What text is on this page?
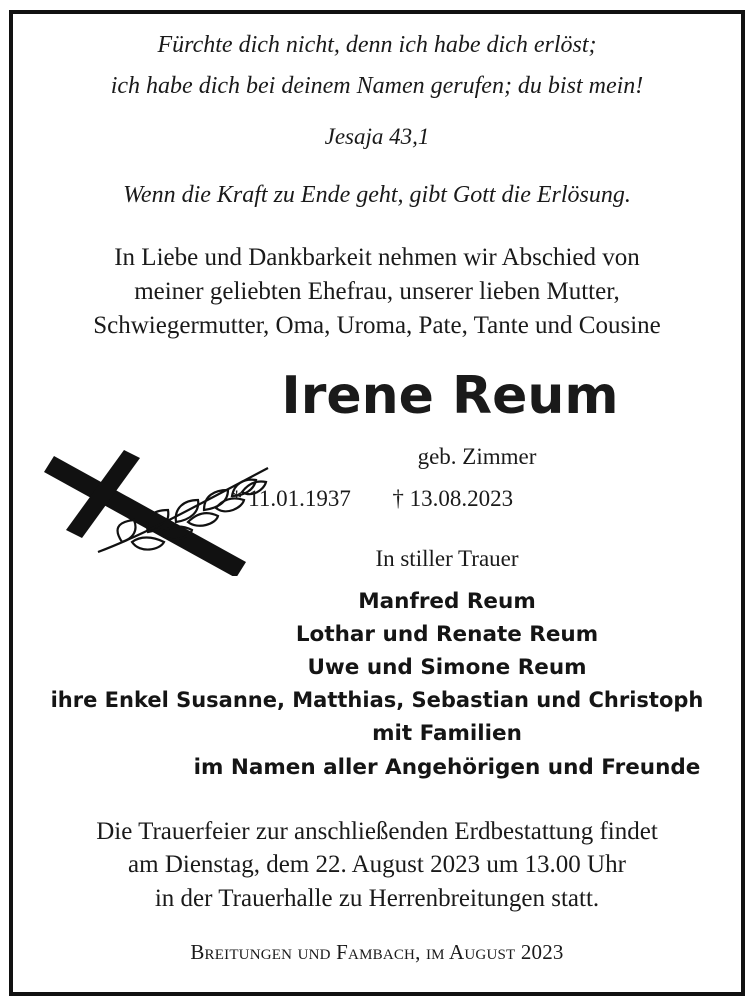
Fürchte dich nicht, denn ich habe dich erlöst;
ich habe dich bei deinem Namen gerufen; du bist mein!
Jesaja 43,1
Wenn die Kraft zu Ende geht, gibt Gott die Erlösung.
In Liebe und Dankbarkeit nehmen wir Abschied von
meiner geliebten Ehefrau, unserer lieben Mutter,
Schwiegermutter, Oma, Uroma, Pate, Tante und Cousine
Irene Reum
geb. Zimmer
* 11.01.1937 † 13.08.2023
In stiller Trauer
Manfred Reum
Lothar und Renate Reum
Uwe und Simone Reum
ihre Enkel Susanne, Matthias, Sebastian und Christoph
mit Familien
im Namen aller Angehörigen und Freunde
Die Trauerfeier zur anschließenden Erdbestattung findet
am Dienstag, dem 22. August 2023 um 13.00 Uhr
in der Trauerhalle zu Herrenbreitungen statt.
Breitungen und Fambach, im August 2023
